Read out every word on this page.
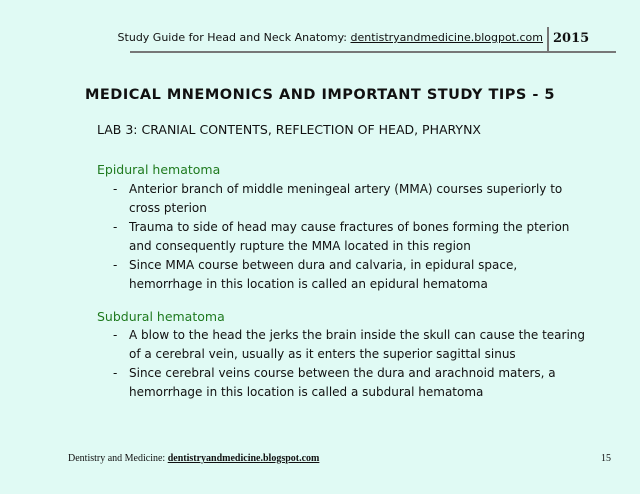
Study Guide for Head and Neck Anatomy: dentistryandmedicine.blogpot.com 2015
MEDICAL MNEMONICS AND IMPORTANT STUDY TIPS - 5
LAB 3: CRANIAL CONTENTS, REFLECTION OF HEAD, PHARYNX
Epidural hematoma
- Anterior branch of middle meningeal artery (MMA) courses superiorly to cross pterion
- Trauma to side of head may cause fractures of bones forming the pterion and consequently rupture the MMA located in this region
- Since MMA course between dura and calvaria, in epidural space, hemorrhage in this location is called an epidural hematoma
Subdural hematoma
- A blow to the head the jerks the brain inside the skull can cause the tearing of a cerebral vein, usually as it enters the superior sagittal sinus
- Since cerebral veins course between the dura and arachnoid maters, a hemorrhage in this location is called a subdural hematoma
Dentistry and Medicine: dentistryandmedicine.blogspot.com	15
